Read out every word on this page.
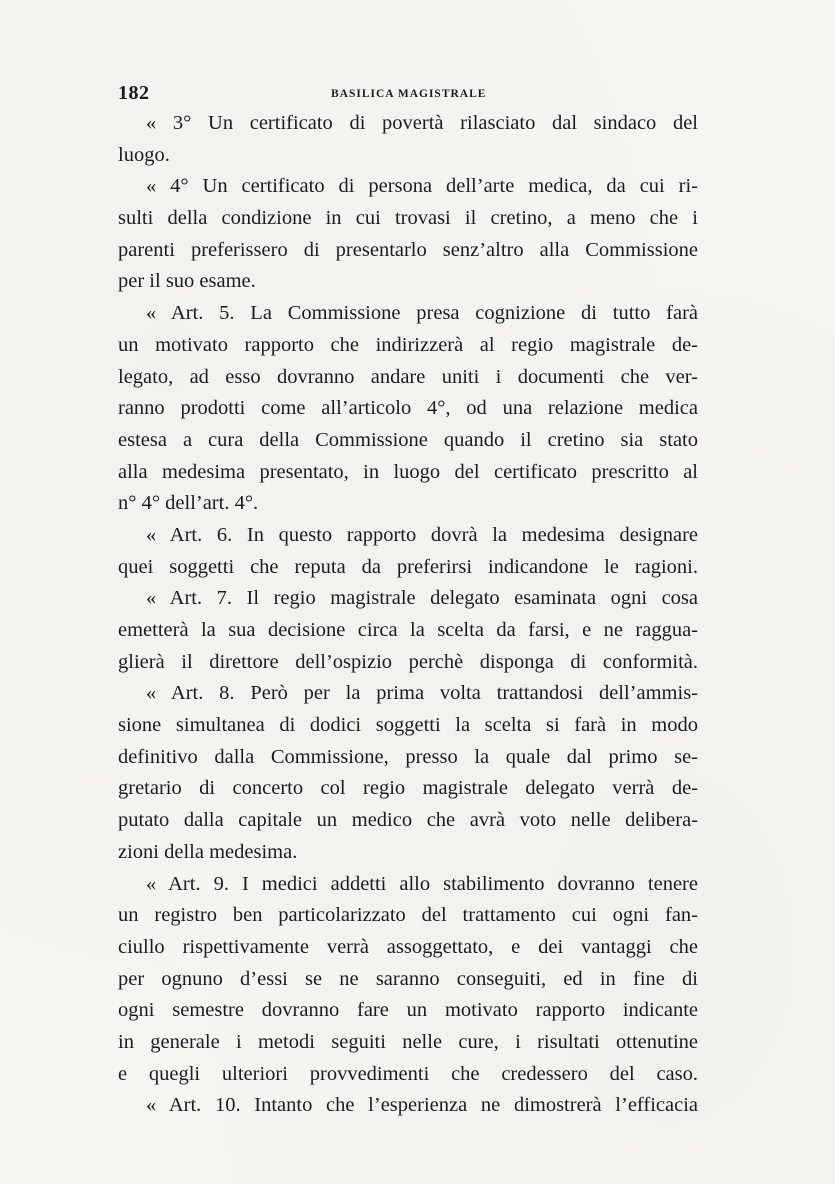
182	BASILICA MAGISTRALE
« 3° Un certificato di povertà rilasciato dal sindaco del
luogo.
« 4° Un certificato di persona dell’arte medica, da cui ri-
sulti della condizione in cui trovasi il cretino, a meno che i
parenti preferissero di presentarlo senz’altro alla Commissione
per il suo esame.
« Art. 5. La Commissione presa cognizione di tutto farà
un motivato rapporto che indirizzerà al regio magistrale de-
legato, ad esso dovranno andare uniti i documenti che ver-
ranno prodotti come all’articolo 4°, od una relazione medica
estesa a cura della Commissione quando il cretino sia stato
alla medesima presentato, in luogo del certificato prescritto al
n° 4° dell’art. 4°.
« Art. 6. In questo rapporto dovrà la medesima designare
quei soggetti che reputa da preferirsi indicandone le ragioni.
« Art. 7. Il regio magistrale delegato esaminata ogni cosa
emetterà la sua decisione circa la scelta da farsi, e ne ragguа-
glierà il direttore dell’ospizio perchè disponga di conformità.
« Art. 8. Però per la prima volta trattandosi dell’ammis-
sione simultanea di dodici soggetti la scelta si farà in modo
definitivo dalla Commissione, presso la quale dal primo se-
gretario di concerto col regio magistrale delegato verrà de-
putato dalla capitale un medico che avrà voto nelle delibera-
zioni della medesima.
« Art. 9. I medici addetti allo stabilimento dovranno tenere
un registro ben particolarizzato del trattamento cui ogni fan-
ciullo rispettivamente verrà assoggettato, e dei vantaggi che
per ognuno d’essi se ne saranno conseguiti, ed in fine di
ogni semestre dovranno fare un motivato rapporto indicante
in generale i metodi seguiti nelle cure, i risultati ottenutine
e quegli ulteriori provvedimenti che credessero del caso.
« Art. 10. Intanto che l’esperienza ne dimostrerà l’efficacia
